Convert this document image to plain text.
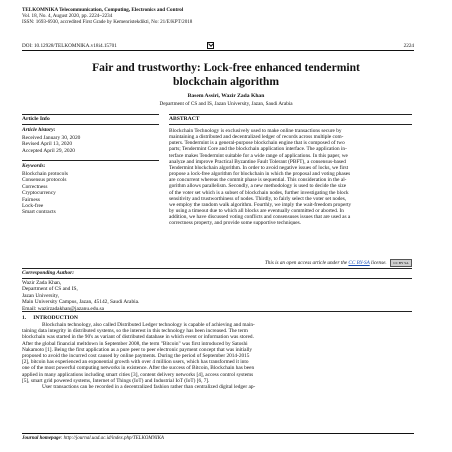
TELKOMNIKA Telecommunication, Computing, Electronics and Control
Vol. 18, No. 4, August 2020, pp. 2224~2234
ISSN: 1693-6930, accredited First Grade by Kemenristekdikti, No: 21/E/KPT/2018
DOI: 10.12928/TELKOMNIKA.v18i4.15701	2224
Fair and trustworthy: Lock-free enhanced tendermint
blockchain algorithm
Basem Assiri, Wazir Zada Khan
Department of CS and IS, Jazan University, Jazan, Saudi Arabia
Article Info	ABSTRACT
Article history:
Received January 30, 2020
Revised April 13, 2020
Accepted April 29, 2020
Keywords:
Blockchain protocols
Consensus protocols
Correctness
Cryptocurrency
Fairness
Lock-free
Smart contracts
Blockchain Technology is exclusively used to make online transactions secure by
maintaining a distributed and decentralized ledger of records across multiple com-
puters. Tendermint is a general-purpose blockchain engine that is composed of two
parts; Tendermint Core and the blockchain application interface. The application in-
terface makes Tendermint suitable for a wide range of applications. In this paper, we
analyze and improve Practical Byzantine Fault Tolerant (PBFT), a consensus-based
Tendermint blockchain algorithm. In order to avoid negative issues of locks, we first
propose a lock-free algorithm for blockchain in which the proposal and voting phases
are concurrent whereas the commit phase is sequential. This consideration in the al-
gorithm allows parallelism. Secondly, a new methodology is used to decide the size
of the voter set which is a subset of blockchain nodes, further investigating the block
sensitivity and trustworthiness of nodes. Thirdly, to fairly select the voter set nodes,
we employ the random walk algorithm. Fourthly, we imply the wait-freedom property
by using a timeout due to which all blocks are eventually committed or aborted. In
addition, we have discussed voting conflicts and consensuses issues that are used as a
correctness property, and provide some supportive techniques.
This is an open access article under the CC BY-SA license. CC BY SA
Corresponding Author:
Wazir Zada Khan,
Department of CS and IS,
Jazan University,
Main University Campus, Jazan, 45142, Saudi Arabia.
Email: wazirzadakhan@jazanu.edu.sa
1. INTRODUCTION
Blockchain technology, also called Distributed Ledger technology is capable of achieving and main-
taining data integrity in distributed systems, so the interest in this technology has been increased. The term
blockchain was started in the 90's as variant of distributed database in which event or information was stored.
After the global financial meltdown in September 2008, the term "Bitcoin" was first introduced by Satoshi
Nakamoto [1]. Being the first application as a pure peer to peer electronic payment concept that was initially
proposed to avoid the incurred cost caused by online payments. During the period of September 2014-2015
[2], bitcoin has experienced an exponential growth with over 4 million users, which has transformed it into
one of the most powerful computing networks in existence. After the success of Bitcoin, Blockchain has been
applied in many applications including smart cities [3], content delivery networks [4], access control systems
[5], smart grid powered systems, Internet of Things (IoT) and Industrial IoT (IoT) [6, 7].
User transactions can be recorded in a decentralized fashion rather than centralized digital ledger ap-
Journal homepage: http://journal.uad.ac.id/index.php/TELKOMNIKA
